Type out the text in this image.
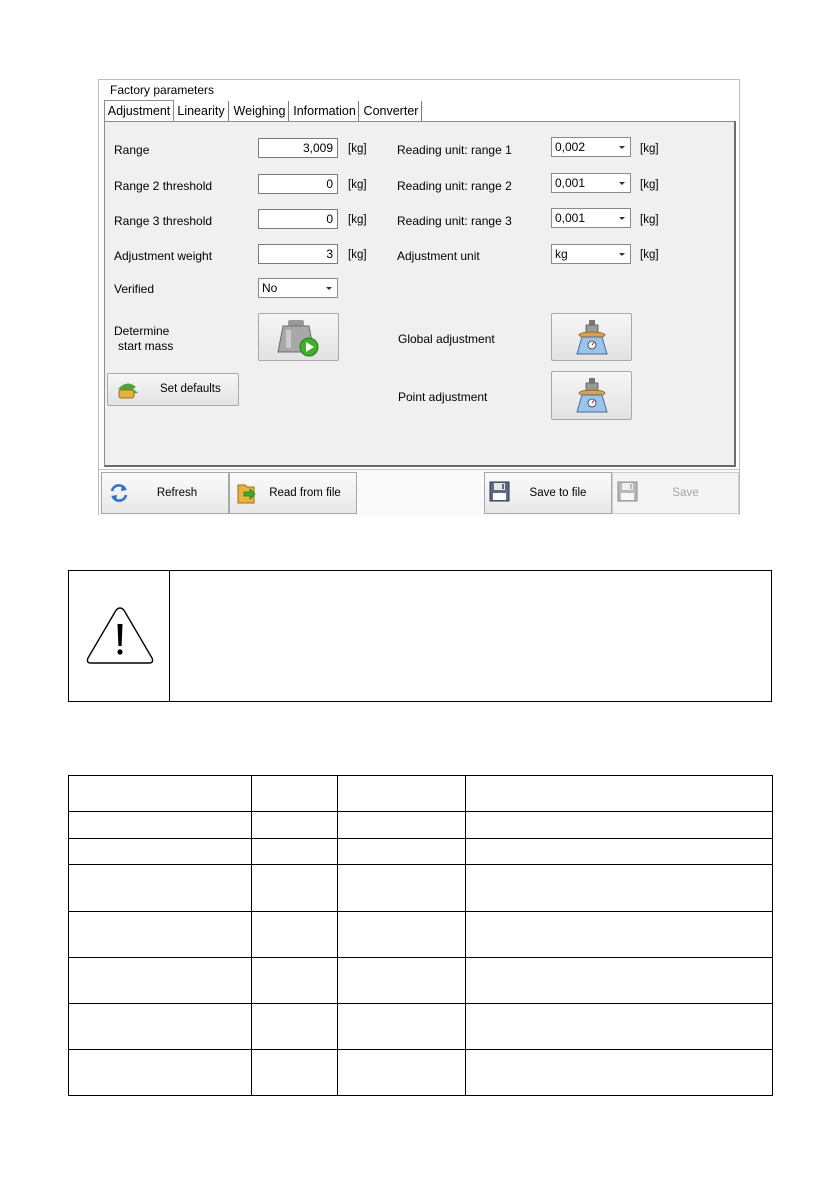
Factory parameters
Adjustment Linearity Weighing Information Converter
Range	3,009	[kg]
Range 2 threshold	0	[kg]
Range 3 threshold	0	[kg]
Adjustment weight	3	[kg]
Verified	No
Determine
start mass
Set defaults
Reading unit: range 1	0,002	[kg]
Reading unit: range 2	0,001	[kg]
Reading unit: range 3	0,001	[kg]
Adjustment unit	kg	[kg]
Global adjustment
Point adjustment
Refresh	Read from file	Save to file	Save
